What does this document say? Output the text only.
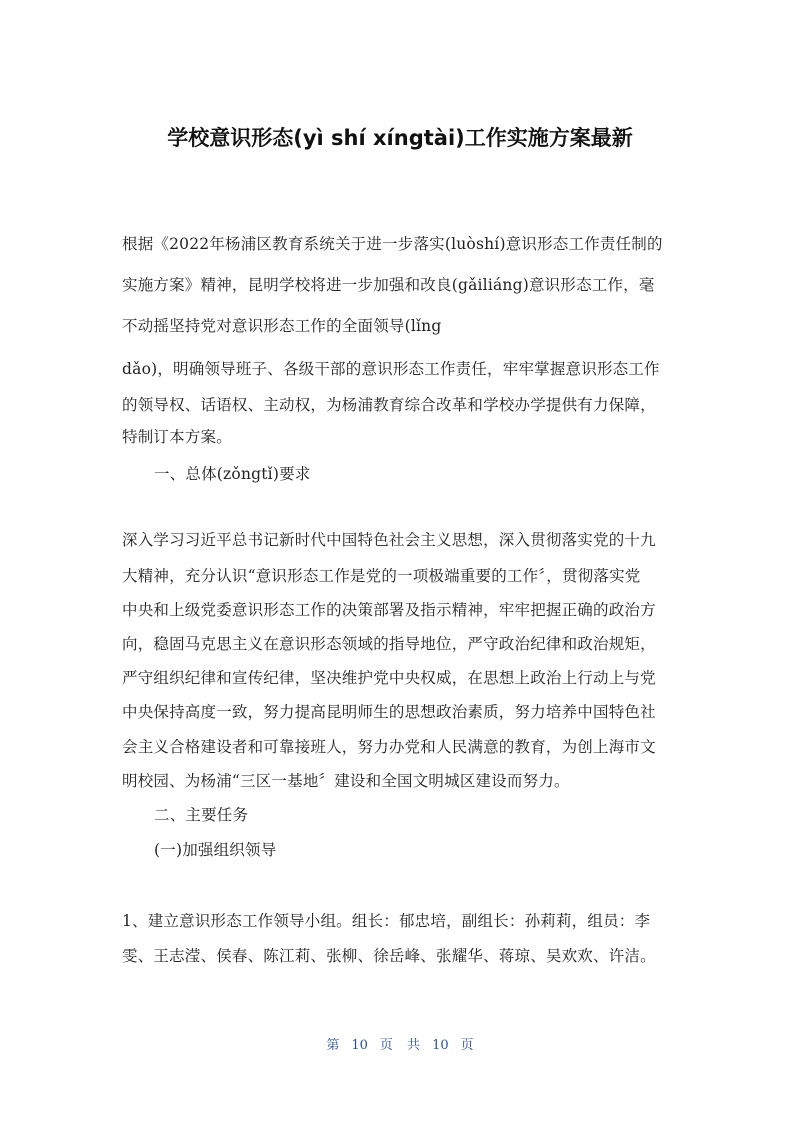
学校意识形态(yì shí xíngtài)工作实施方案最新

根据《2022年杨浦区教育系统关于进一步落实(luòshí)意识形态工作责任制的

实施方案》精神，昆明学校将进一步加强和改良(gǎiliáng)意识形态工作，毫

不动摇坚持党对意识形态工作的全面领导(lǐng

dǎo)，明确领导班子、各级干部的意识形态工作责任，牢牢掌握意识形态工作

的领导权、话语权、主动权，为杨浦教育综合改革和学校办学提供有力保障，

特制订本方案。

一、总体(zǒngtǐ)要求

深入学习习近平总书记新时代中国特色社会主义思想，深入贯彻落实党的十九

大精神，充分认识“意识形态工作是党的一项极端重要的工作〞，贯彻落实党

中央和上级党委意识形态工作的决策部署及指示精神，牢牢把握正确的政治方

向，稳固马克思主义在意识形态领域的指导地位，严守政治纪律和政治规矩，

严守组织纪律和宣传纪律，坚决维护党中央权威，在思想上政治上行动上与党

中央保持高度一致，努力提高昆明师生的思想政治素质，努力培养中国特色社

会主义合格建设者和可靠接班人，努力办党和人民满意的教育，为创上海市文

明校园、为杨浦“三区一基地〞建设和全国文明城区建设而努力。

二、主要任务

(一)加强组织领导

1、建立意识形态工作领导小组。组长：郁忠培，副组长：孙莉莉，组员：李

雯、王志滢、侯春、陈江莉、张柳、徐岳峰、张耀华、蒋琼、吴欢欢、许洁。

第 10 页 共 10 页
